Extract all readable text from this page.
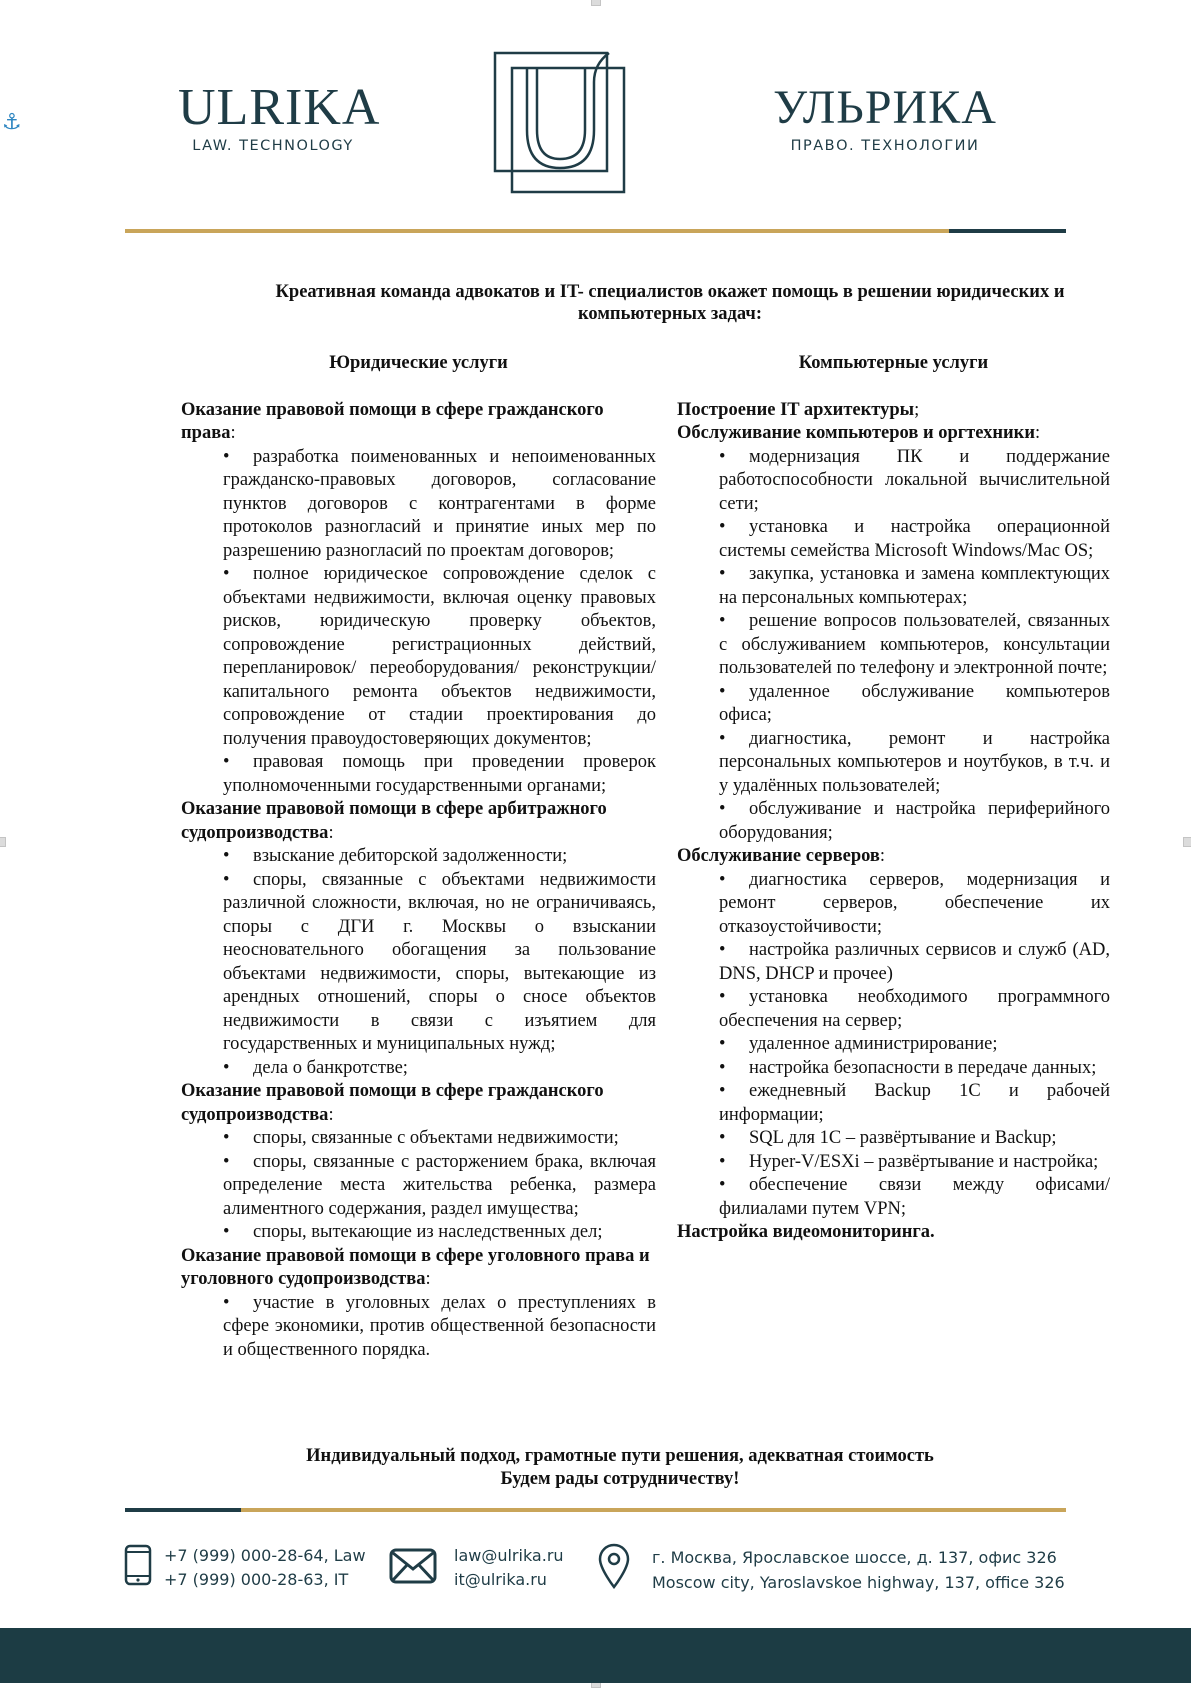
⚓	ULRIKA
LAW. TECHNOLOGY
УЛЬРИКА
ПРАВО. ТЕХНОЛОГИИ
Креативная команда адвокатов и IT- специалистов окажет помощь в решении юридических и компьютерных задач:
Юридические услуги
Оказание правовой помощи в сфере гражданского права:
• разработка поименованных и непоименованных гражданско-правовых договоров, согласование пунктов договоров с контрагентами в форме протоколов разногласий и принятие иных мер по разрешению разногласий по проектам договоров;
• полное юридическое сопровождение сделок с объектами недвижимости, включая оценку правовых рисков, юридическую проверку объектов, сопровождение регистрационных действий, перепланировок/ переоборудования/ реконструкции/капитального ремонта объектов недвижимости, сопровождение от стадии проектирования до получения правоудостоверяющих документов;
• правовая помощь при проведении проверок уполномоченными государственными органами;
Оказание правовой помощи в сфере арбитражного судопроизводства:
• взыскание дебиторской задолженности;
• споры, связанные с объектами недвижимости различной сложности, включая, но не ограничиваясь, споры с ДГИ г. Москвы о взыскании неосновательного обогащения за пользование объектами недвижимости, споры, вытекающие из арендных отношений, споры о сносе объектов недвижимости в связи с изъятием для государственных и муниципальных нужд;
• дела о банкротстве;
Оказание правовой помощи в сфере гражданского судопроизводства:
• споры, связанные с объектами недвижимости;
• споры, связанные с расторжением брака, включая определение места жительства ребенка, размера алиментного содержания, раздел имущества;
• споры, вытекающие из наследственных дел;
Оказание правовой помощи в сфере уголовного права и уголовного судопроизводства:
• участие в уголовных делах о преступлениях в сфере экономики, против общественной безопасности и общественного порядка.
Компьютерные услуги
Построение IT архитектуры;
Обслуживание компьютеров и оргтехники:
• модернизация ПК и поддержание работоспособности локальной вычислительной сети;
• установка и настройка операционной системы семейства Microsoft Windows/Mac OS;
• закупка, установка и замена комплектующих на персональных компьютерах;
• решение вопросов пользователей, связанных с обслуживанием компьютеров, консультации пользователей по телефону и электронной почте;
• удаленное обслуживание компьютеров офиса;
• диагностика, ремонт и настройка персональных компьютеров и ноутбуков, в т.ч. и у удалённых пользователей;
• обслуживание и настройка периферийного оборудования;
Обслуживание серверов:
• диагностика серверов, модернизация и ремонт серверов, обеспечение их отказоустойчивости;
• настройка различных сервисов и служб (AD, DNS, DHCP и прочее)
• установка необходимого программного обеспечения на сервер;
• удаленное администрирование;
• настройка безопасности в передаче данных;
• ежедневный Backup 1С и рабочей информации;
• SQL для 1С – развёртывание и Backup;
• Hyper-V/ESXi – развёртывание и настройка;
• обеспечение связи между офисами/филиалами путем VPN;
Настройка видеомониторинга.
Индивидуальный подход, грамотные пути решения, адекватная стоимость
Будем рады сотрудничеству!
+7 (999) 000-28-64, Law
+7 (999) 000-28-63, IT
law@ulrika.ru
it@ulrika.ru
г. Москва, Ярославское шоссе, д. 137, офис 326
Moscow city, Yaroslavskoe highway, 137, office 326
